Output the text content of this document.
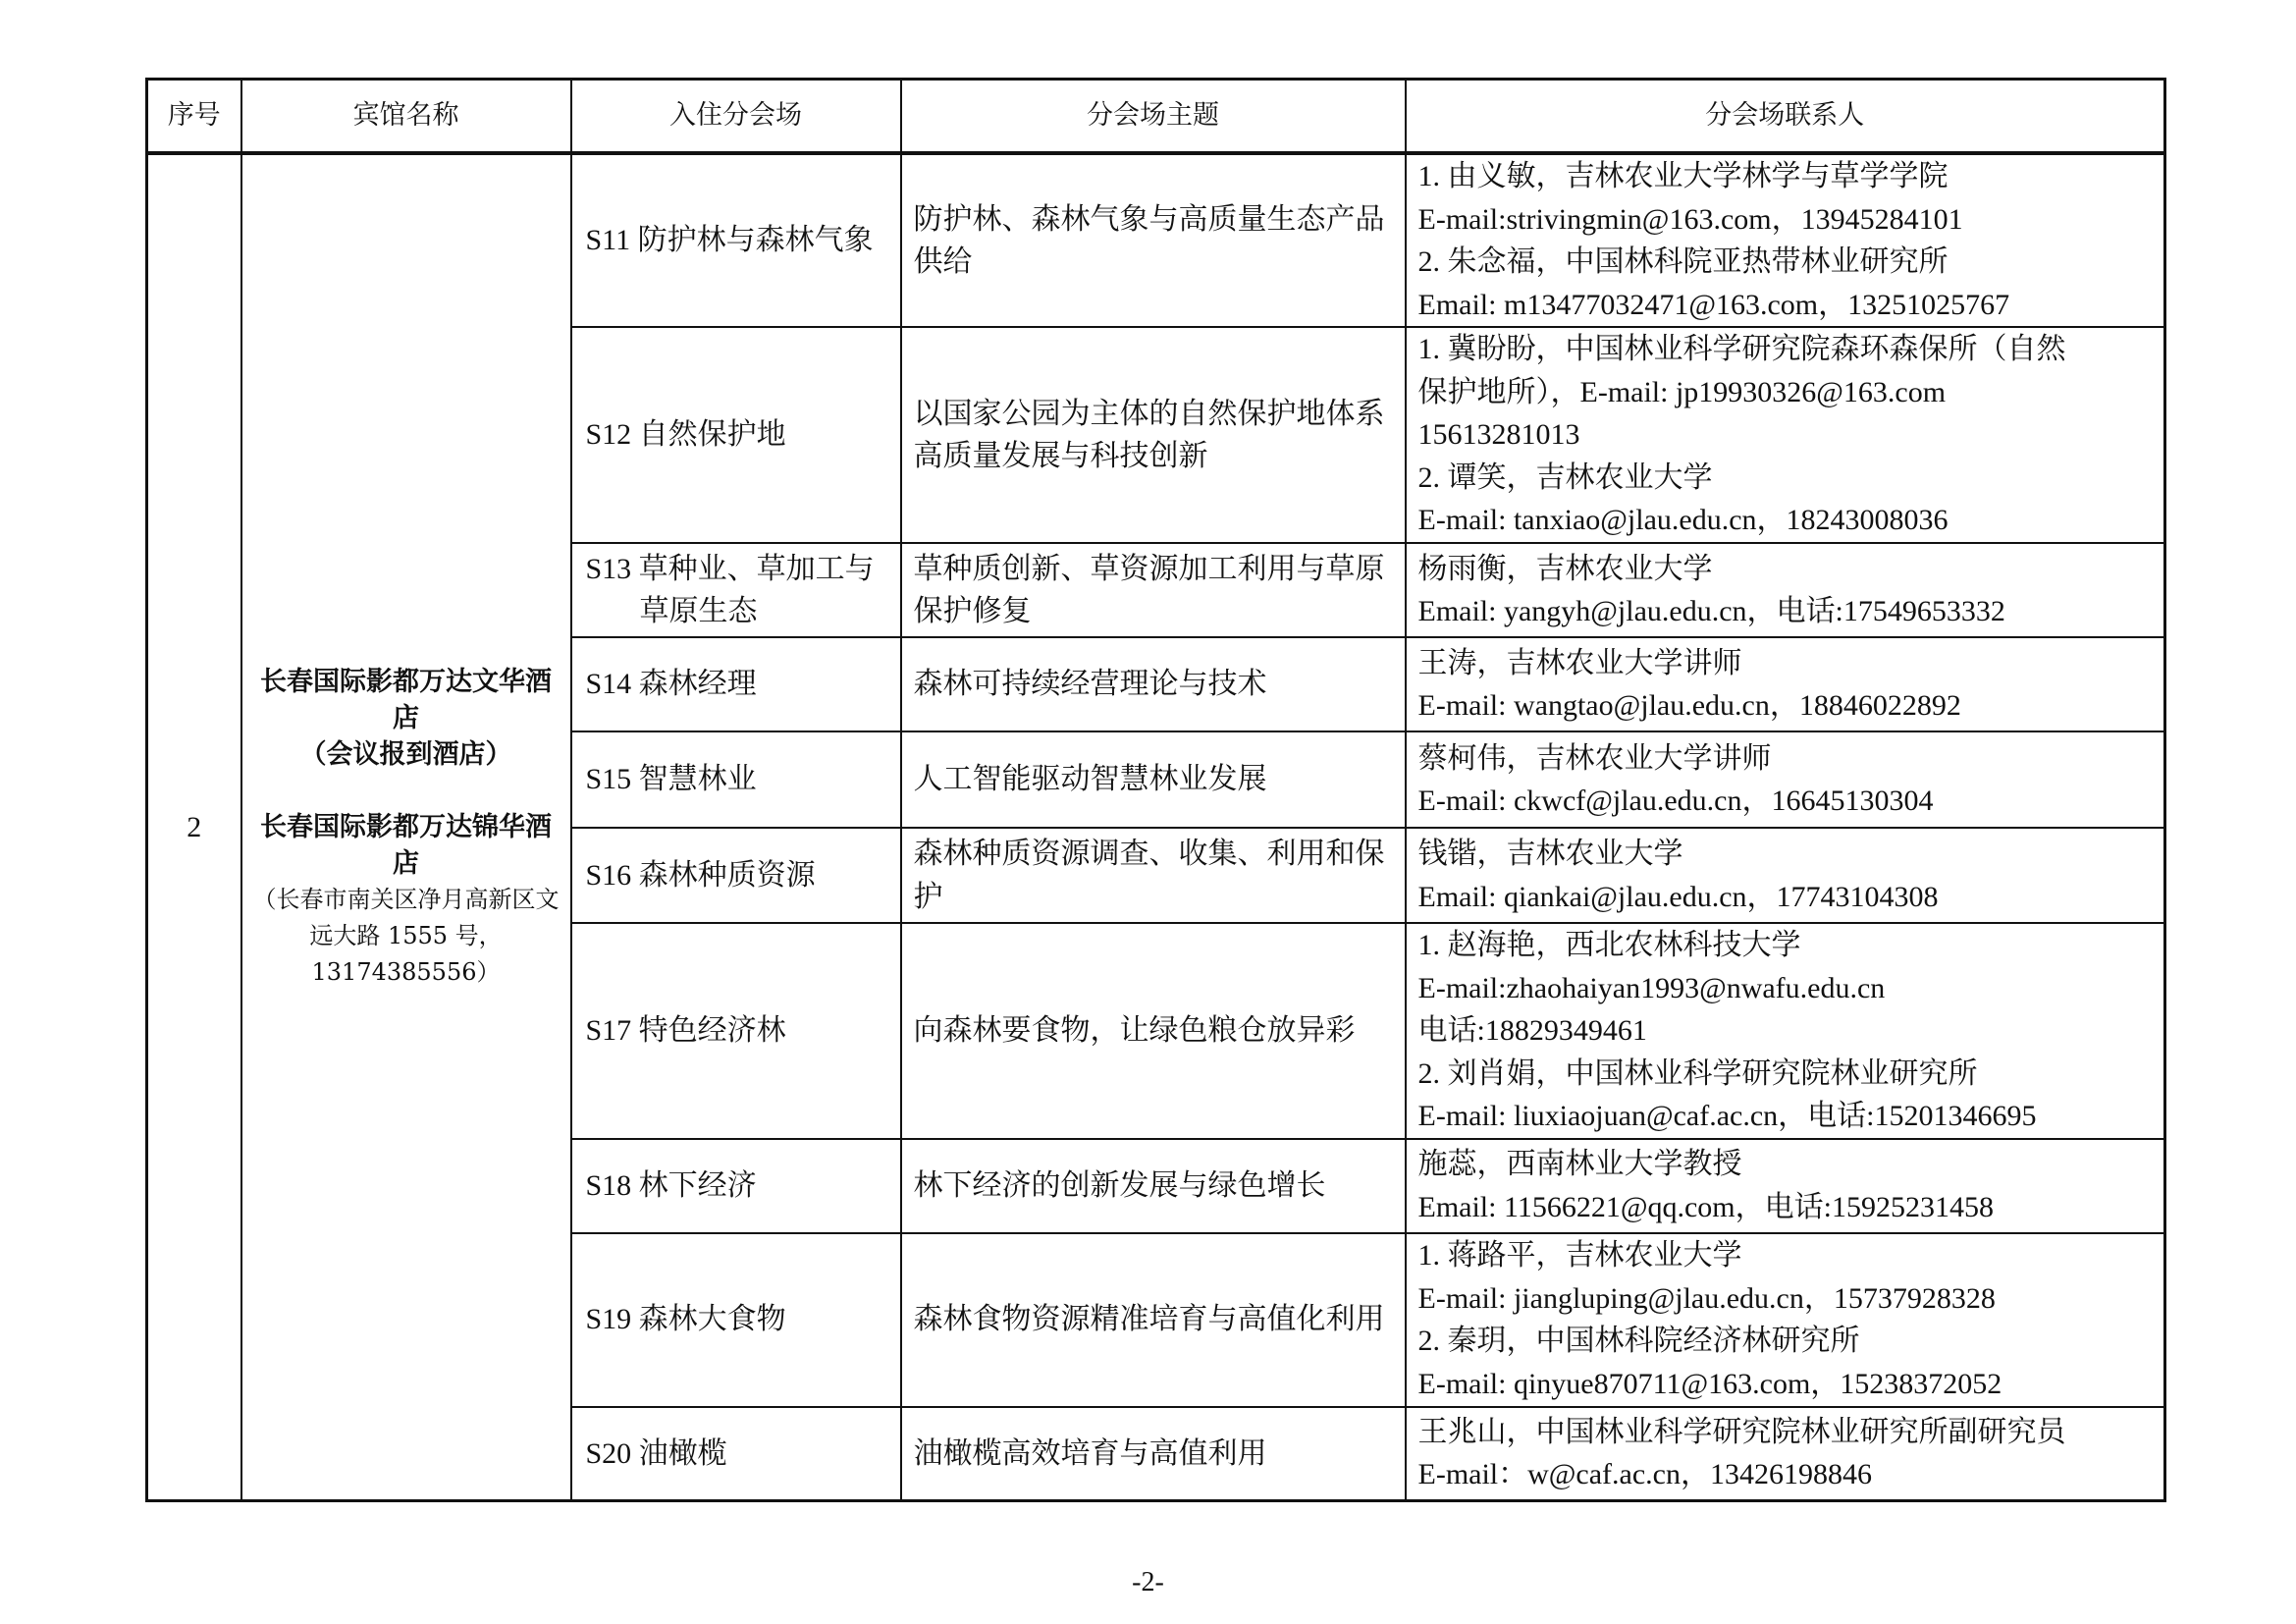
序号	宾馆名称	入住分会场	分会场主题	分会场联系人
2	长春国际影都万达文华酒店
（会议报到酒店）
长春国际影都万达锦华酒店
（长春市南关区净月高新区文远大路 1555 号，13174385556）	S11 防护林与森林气象	防护林、森林气象与高质量生态产品供给	1. 由义敏，吉林农业大学林学与草学学院
E-mail:strivingmin@163.com，13945284101
2. 朱念福，中国林科院亚热带林业研究所
Email: m13477032471@163.com，13251025767

		S12 自然保护地	以国家公园为主体的自然保护地体系高质量发展与科技创新	1. 冀盼盼，中国林业科学研究院森环森保所（自然
保护地所），E-mail: jp19930326@163.com
15613281013
2. 谭笑，吉林农业大学
E-mail: tanxiao@jlau.edu.cn，18243008036

		S13 草种业、草加工与草原生态	草种质创新、草资源加工利用与草原保护修复	杨雨衡，吉林农业大学
Email: yangyh@jlau.edu.cn，电话:17549653332

		S14 森林经理	森林可持续经营理论与技术	王涛，吉林农业大学讲师
E-mail: wangtao@jlau.edu.cn，18846022892

		S15 智慧林业	人工智能驱动智慧林业发展	蔡柯伟，吉林农业大学讲师
E-mail: ckwcf@jlau.edu.cn，16645130304

		S16 森林种质资源	森林种质资源调查、收集、利用和保护	钱锴，吉林农业大学
Email: qiankai@jlau.edu.cn，17743104308

		S17 特色经济林	向森林要食物，让绿色粮仓放异彩	1. 赵海艳，西北农林科技大学
E-mail:zhaohaiyan1993@nwafu.edu.cn
电话:18829349461
2. 刘肖娟，中国林业科学研究院林业研究所
E-mail: liuxiaojuan@caf.ac.cn，电话:15201346695

		S18 林下经济	林下经济的创新发展与绿色增长	施蕊，西南林业大学教授
Email: 11566221@qq.com，电话:15925231458

		S19 森林大食物	森林食物资源精准培育与高值化利用	1. 蒋路平，吉林农业大学
E-mail: jiangluping@jlau.edu.cn，15737928328
2. 秦玥，中国林科院经济林研究所
E-mail: qinyue870711@163.com，15238372052

		S20 油橄榄	油橄榄高效培育与高值利用	王兆山，中国林业科学研究院林业研究所副研究员
E-mail：w@caf.ac.cn，13426198846
-2-
